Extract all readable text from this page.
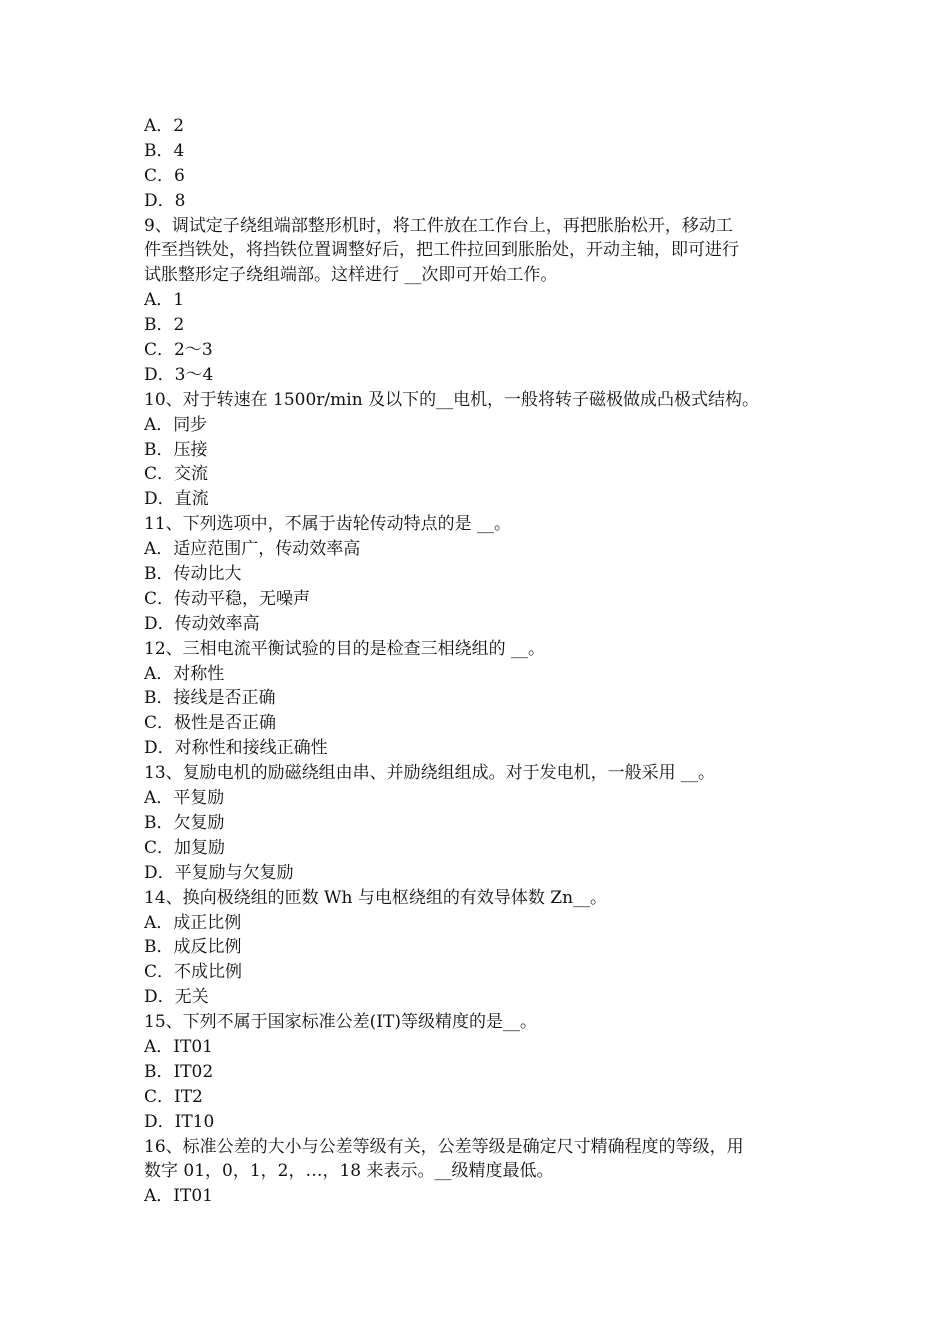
A．2
B．4
C．6
D．8
9、调试定子绕组端部整形机时，将工件放在工作台上，再把胀胎松开，移动工
件至挡铁处，将挡铁位置调整好后，把工件拉回到胀胎处，开动主轴，即可进行
试胀整形定子绕组端部。这样进行 __次即可开始工作。
A．1
B．2
C．2～3
D．3～4
10、对于转速在 1500r/min 及以下的__电机，一般将转子磁极做成凸极式结构。
A．同步
B．压接
C．交流
D．直流
11、下列选项中，不属于齿轮传动特点的是 __。
A．适应范围广，传动效率高
B．传动比大
C．传动平稳，无噪声
D．传动效率高
12、三相电流平衡试验的目的是检查三相绕组的 __。
A．对称性
B．接线是否正确
C．极性是否正确
D．对称性和接线正确性
13、复励电机的励磁绕组由串、并励绕组组成。对于发电机，一般采用 __。
A．平复励
B．欠复励
C．加复励
D．平复励与欠复励
14、换向极绕组的匝数 Wh 与电枢绕组的有效导体数 Zn__。
A．成正比例
B．成反比例
C．不成比例
D．无关
15、下列不属于国家标准公差(IT)等级精度的是__。
A．IT01
B．IT02
C．IT2
D．IT10
16、标准公差的大小与公差等级有关，公差等级是确定尺寸精确程度的等级，用
数字 01，0，1，2，…，18 来表示。__级精度最低。
A．IT01
